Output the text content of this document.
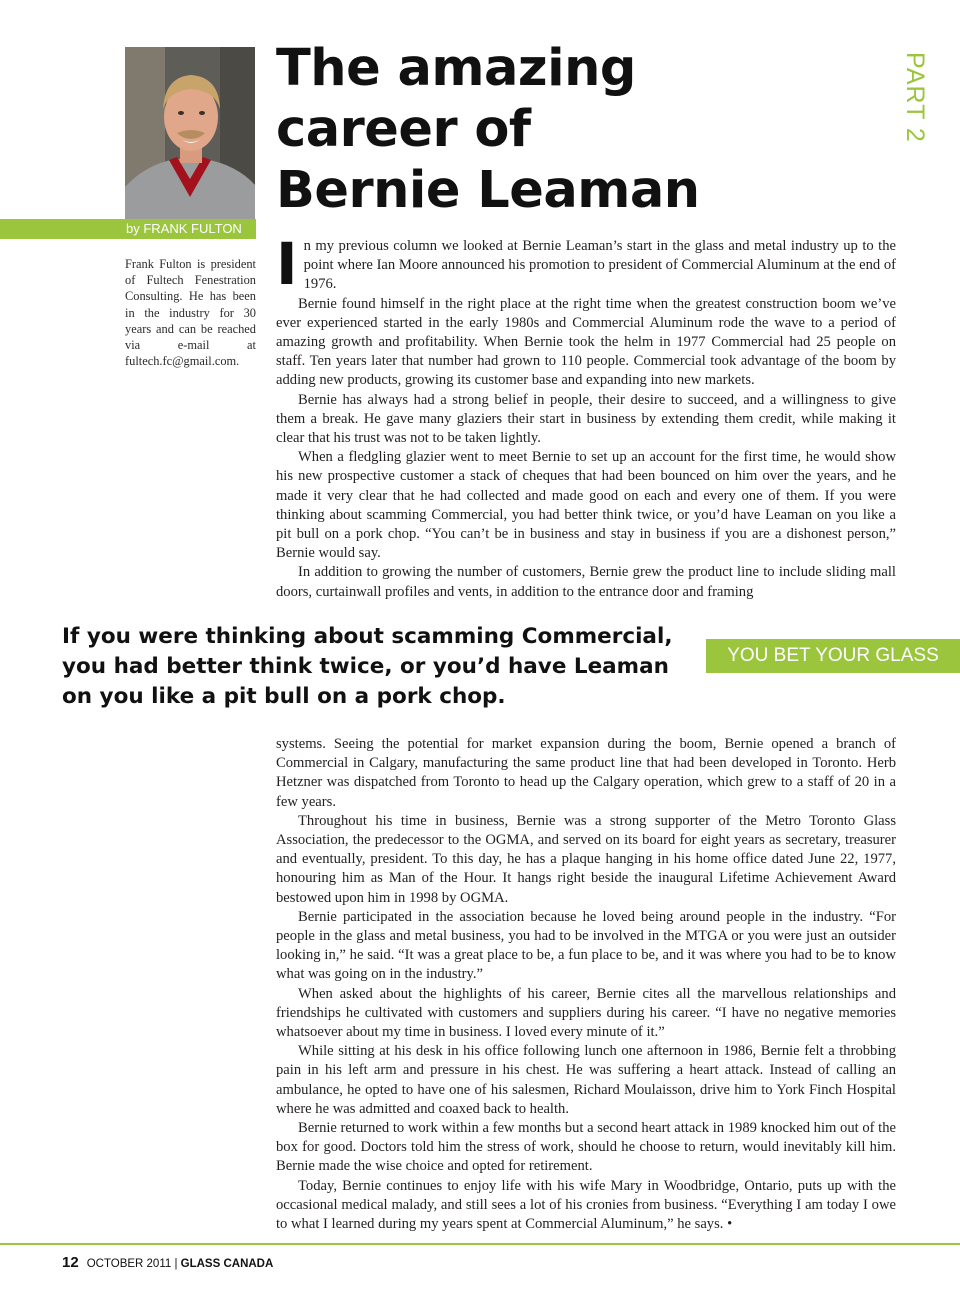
by FRANK FULTON
Frank Fulton is president of Fultech Fenestration Consulting. He has been in the industry for 30 years and can be reached via e-mail at fultech.fc@gmail.com.
The amazing
career of
Bernie Leaman
PART 2

In my previous column we looked at Bernie Leaman’s start in the glass and metal industry up to the point where Ian Moore announced his promotion to president of Commercial Aluminum at the end of 1976.

Bernie found himself in the right place at the right time when the greatest construction boom we’ve ever experienced started in the early 1980s and Commercial Aluminum rode the wave to a period of amazing growth and profitability. When Bernie took the helm in 1977 Commercial had 25 people on staff. Ten years later that number had grown to 110 people. Commercial took advantage of the boom by adding new products, growing its customer base and expanding into new markets.

Bernie has always had a strong belief in people, their desire to succeed, and a willingness to give them a break. He gave many glaziers their start in business by extending them credit, while making it clear that his trust was not to be taken lightly.

When a fledgling glazier went to meet Bernie to set up an account for the first time, he would show his new prospective customer a stack of cheques that had been bounced on him over the years, and he made it very clear that he had collected and made good on each and every one of them. If you were thinking about scamming Commercial, you had better think twice, or you’d have Leaman on you like a pit bull on a pork chop. “You can’t be in business and stay in business if you are a dishonest person,” Bernie would say.

In addition to growing the number of customers, Bernie grew the product line to include sliding mall doors, curtainwall profiles and vents, in addition to the entrance door and framing

If you were thinking about scamming Commercial, you had better think twice, or you’d have Leaman on you like a pit bull on a pork chop.
YOU BET YOUR GLASS

systems. Seeing the potential for market expansion during the boom, Bernie opened a branch of Commercial in Calgary, manufacturing the same product line that had been developed in Toronto. Herb Hetzner was dispatched from Toronto to head up the Calgary operation, which grew to a staff of 20 in a few years.

Throughout his time in business, Bernie was a strong supporter of the Metro Toronto Glass Association, the predecessor to the OGMA, and served on its board for eight years as secretary, treasurer and eventually, president. To this day, he has a plaque hanging in his home office dated June 22, 1977, honouring him as Man of the Hour. It hangs right beside the inaugural Lifetime Achievement Award bestowed upon him in 1998 by OGMA.

Bernie participated in the association because he loved being around people in the industry. “For people in the glass and metal business, you had to be involved in the MTGA or you were just an outsider looking in,” he said. “It was a great place to be, a fun place to be, and it was where you had to be to know what was going on in the industry.”

When asked about the highlights of his career, Bernie cites all the marvellous relationships and friendships he cultivated with customers and suppliers during his career. “I have no negative memories whatsoever about my time in business. I loved every minute of it.”

While sitting at his desk in his office following lunch one afternoon in 1986, Bernie felt a throbbing pain in his left arm and pressure in his chest. He was suffering a heart attack. Instead of calling an ambulance, he opted to have one of his salesmen, Richard Moulaisson, drive him to York Finch Hospital where he was admitted and coaxed back to health.

Bernie returned to work within a few months but a second heart attack in 1989 knocked him out of the box for good. Doctors told him the stress of work, should he choose to return, would inevitably kill him. Bernie made the wise choice and opted for retirement.

Today, Bernie continues to enjoy life with his wife Mary in Woodbridge, Ontario, puts up with the occasional medical malady, and still sees a lot of his cronies from business. “Everything I am today I owe to what I learned during my years spent at Commercial Aluminum,” he says. •

12 OCTOBER 2011 | GLASS CANADA
